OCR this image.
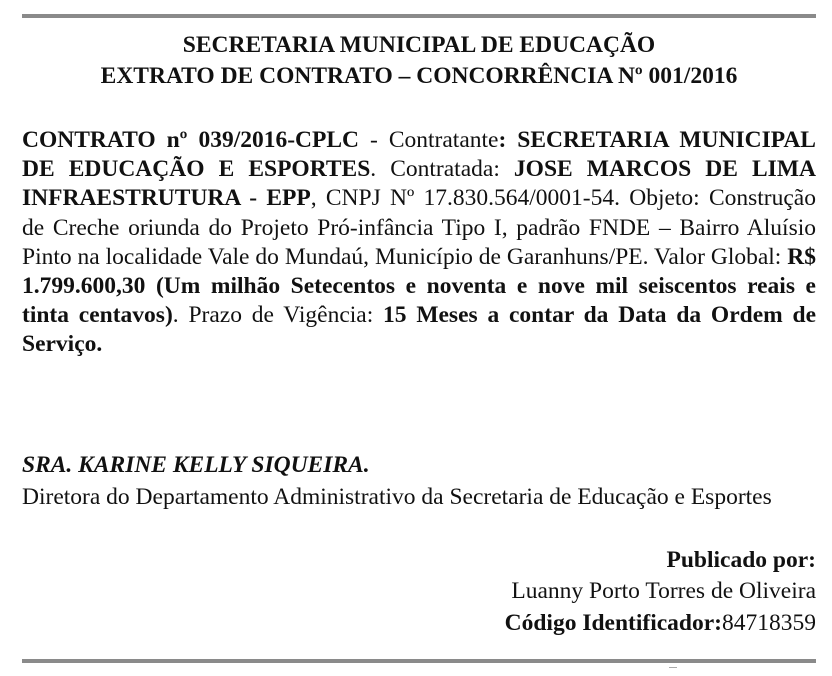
SECRETARIA MUNICIPAL DE EDUCAÇÃO
EXTRATO DE CONTRATO – CONCORRÊNCIA Nº 001/2016
CONTRATO nº 039/2016-CPLC - Contratante: SECRETARIA MUNICIPAL DE EDUCAÇÃO E ESPORTES. Contratada: JOSE MARCOS DE LIMA INFRAESTRUTURA - EPP, CNPJ Nº 17.830.564/0001-54. Objeto: Construção de Creche oriunda do Projeto Pró-infância Tipo I, padrão FNDE – Bairro Aluísio Pinto na localidade Vale do Mundaú, Município de Garanhuns/PE. Valor Global: R$ 1.799.600,30 (Um milhão Setecentos e noventa e nove mil seiscentos reais e tinta centavos). Prazo de Vigência: 15 Meses a contar da Data da Ordem de Serviço.
SRA. KARINE KELLY SIQUEIRA.
Diretora do Departamento Administrativo da Secretaria de Educação e Esportes
Publicado por:
Luanny Porto Torres de Oliveira
Código Identificador:84718359
